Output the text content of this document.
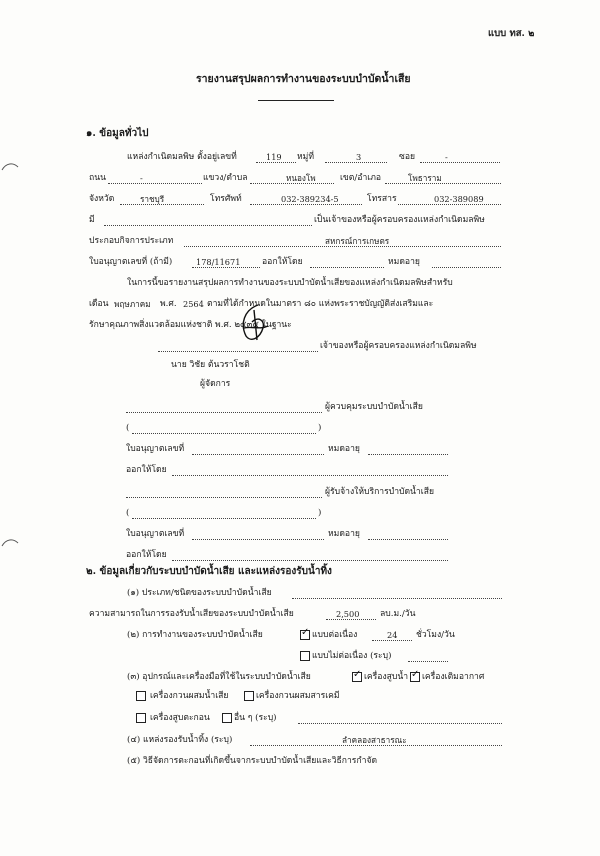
แบบ ทส. ๒
รายงานสรุปผลการทำงานของระบบบำบัดน้ำเสีย
๑. ข้อมูลทั่วไป
แหล่งกำเนิดมลพิษ ตั้งอยู่เลขที่	119 หมู่ที่	3	ซอย	-
ถนน	-	แขวง/ตำบล	หนองโพ	เขต/อำเภอ	โพธาราม
จังหวัด	ราชบุรี	โทรศัพท์	032-389234-5	โทรสาร	032-389089
มี	เป็นเจ้าของหรือผู้ครอบครองแหล่งกำเนิดมลพิษ
ประกอบกิจการประเภท	สหกรณ์การเกษตร
ใบอนุญาตเลขที่ (ถ้ามี)	178/11671	ออกให้โดย	หมดอายุ
ในการนี้ขอรายงานสรุปผลการทำงานของระบบบำบัดน้ำเสียของแหล่งกำเนิดมลพิษสำหรับ
เดือน พฤษภาคม พ.ศ. 2564 ตามที่ได้กำหนดในมาตรา ๘๐ แห่งพระราชบัญญัติส่งเสริมและ
รักษาคุณภาพสิ่งแวดล้อมแห่งชาติ พ.ศ. ๒๕๓๕ ในฐานะ
เจ้าของหรือผู้ครอบครองแหล่งกำเนิดมลพิษ
นาย วิชัย ต้นวราโชติ
ผู้จัดการ
ผู้ควบคุมระบบบำบัดน้ำเสีย
(	)
ใบอนุญาตเลขที่	หมดอายุ
ออกให้โดย
ผู้รับจ้างให้บริการบำบัดน้ำเสีย
(	)
ใบอนุญาตเลขที่	หมดอายุ
ออกให้โดย
๒. ข้อมูลเกี่ยวกับระบบบำบัดน้ำเสีย และแหล่งรองรับน้ำทิ้ง
(๑) ประเภท/ชนิดของระบบบำบัดน้ำเสีย
ความสามารถในการรองรับน้ำเสียของระบบบำบัดน้ำเสีย	2,500 ลบ.ม./วัน
(๒) การทำงานของระบบบำบัดน้ำเสีย ✓	แบบต่อเนื่อง	24 ชั่วโมง/วัน
แบบไม่ต่อเนื่อง (ระบุ)
(๓) อุปกรณ์และเครื่องมือที่ใช้ในระบบบำบัดน้ำเสีย ✓	เครื่องสูบน้ำ ✓ เครื่องเติมอากาศ
เครื่องกวนผสมน้ำเสีย	เครื่องกวนผสมสารเคมี
เครื่องสูบตะกอน	อื่น ๆ (ระบุ)
(๔) แหล่งรองรับน้ำทิ้ง (ระบุ)	ลำคลองสาธารณะ
(๕) วิธีจัดการตะกอนที่เกิดขึ้นจากระบบบำบัดน้ำเสียและวิธีการกำจัด
